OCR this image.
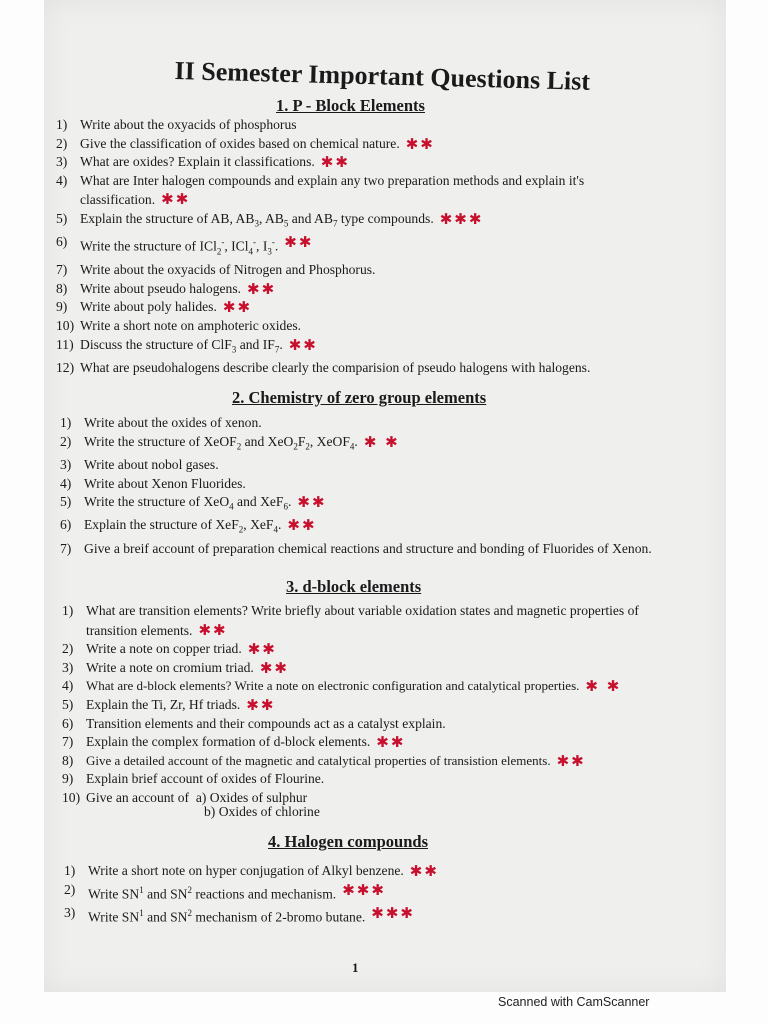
II Semester Important Questions List
1. P - Block Elements
1) Write about the oxyacids of phosphorus
2) Give the classification of oxides based on chemical nature. ✱✱
3) What are oxides? Explain it classifications. ✱✱
4) What are Inter halogen compounds and explain any two preparation methods and explain it's classification. ✱✱
5) Explain the structure of AB, $AB_3$, $AB_5$ and $AB_7$ type compounds. ✱✱✱
6) Write the structure of ICl$_2$-, ICl$_4$-, $I_3^-$. ✱✱
7) Write about the oxyacids of Nitrogen and Phosphorus.
8) Write about pseudo halogens. ✱✱
9) Write about poly halides. ✱✱
10) Write a short note on amphoteric oxides.
11) Discuss the structure of ClF$_3$ and $IF_7$. ✱✱
12) What are pseudohalogens describe clearly the comparision of pseudo halogens with halogens.
2. Chemistry of zero group elements
1) Write about the oxides of xenon.
2) Write the structure of XeOF$_2$ and $XeO_2F_2$, XeOF$_4$. ✱ ✱
3) Write about nobol gases.
4) Write about Xenon Fluorides.
5) Write the structure of XeO$_4$ and XeF$_6$. ✱✱
6) Explain the structure of XeF$_2$, XeF$_4$. ✱✱
7) Give a breif account of preparation chemical reactions and structure and bonding of Fluorides of Xenon.
3. d-block elements
1) What are transition elements? Write briefly about variable oxidation states and magnetic properties of transition elements. ✱✱
2) Write a note on copper triad. ✱✱
3) Write a note on cromium triad. ✱✱
4) What are d-block elements? Write a note on electronic configuration and catalytical properties. ✱ ✱
5) Explain the Ti, Zr, Hf triads. ✱✱
6) Transition elements and their compounds act as a catalyst explain.
7) Explain the complex formation of d-block elements. ✱✱
8) Give a detailed account of the magnetic and catalytical properties of transistion elements. ✱✱
9) Explain brief account of oxides of Flourine.
10) Give an account of  a) Oxides of sulphur
b) Oxides of chlorine
4. Halogen compounds
1) Write a short note on hyper conjugation of Alkyl benzene. ✱✱
2) Write $SN^1$ and $SN^2$ reactions and mechanism. ✱✱✱
3) Write $SN^1$ and $SN^2$ mechanism of 2-bromo butane. ✱✱✱
1
Scanned with CamScanner
